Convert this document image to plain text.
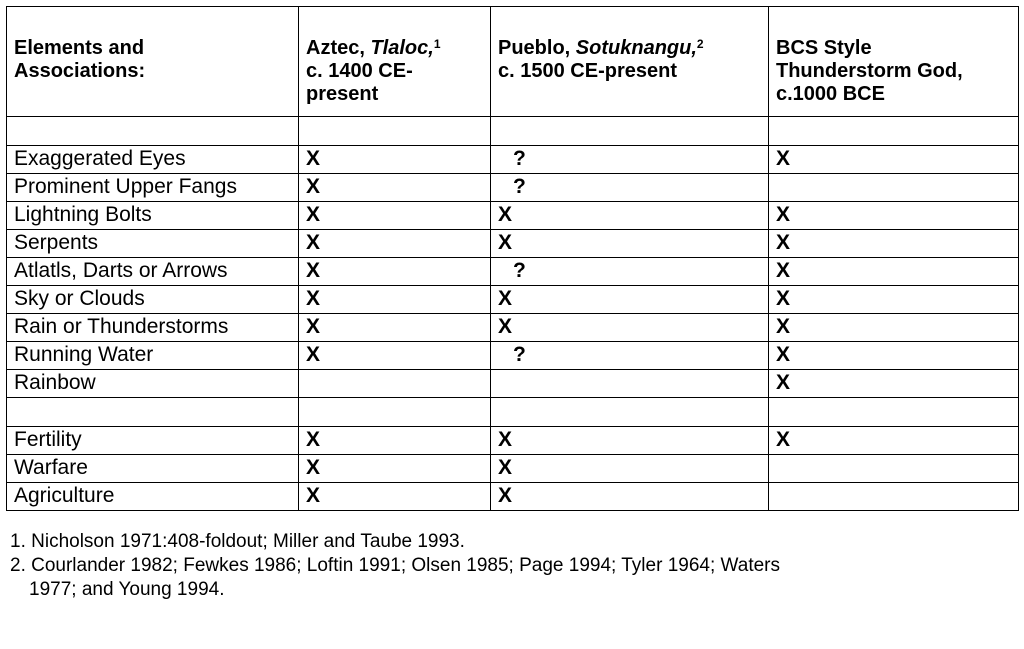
Elements and
Associations:	Aztec, Tlaloc,$^1$
c. 1400 CE-
present	Pueblo, Sotuknangu,$^2$
c. 1500 CE-present	BCS Style
Thunderstorm God,
c.1000 BCE

Exaggerated Eyes	X	?	X
Prominent Upper Fangs	X	?	
Lightning Bolts	X	X	X
Serpents	X	X	X
Atlatls, Darts or Arrows	X	?	X
Sky or Clouds	X	X	X
Rain or Thunderstorms	X	X	X
Running Water	X	?	X
Rainbow			X

Fertility	X	X	X
Warfare	X	X	
Agriculture	X	X	
1. Nicholson 1971:408-foldout; Miller and Taube 1993.
2. Courlander 1982; Fewkes 1986; Loftin 1991; Olsen 1985; Page 1994; Tyler 1964; Waters
1977; and Young 1994.
